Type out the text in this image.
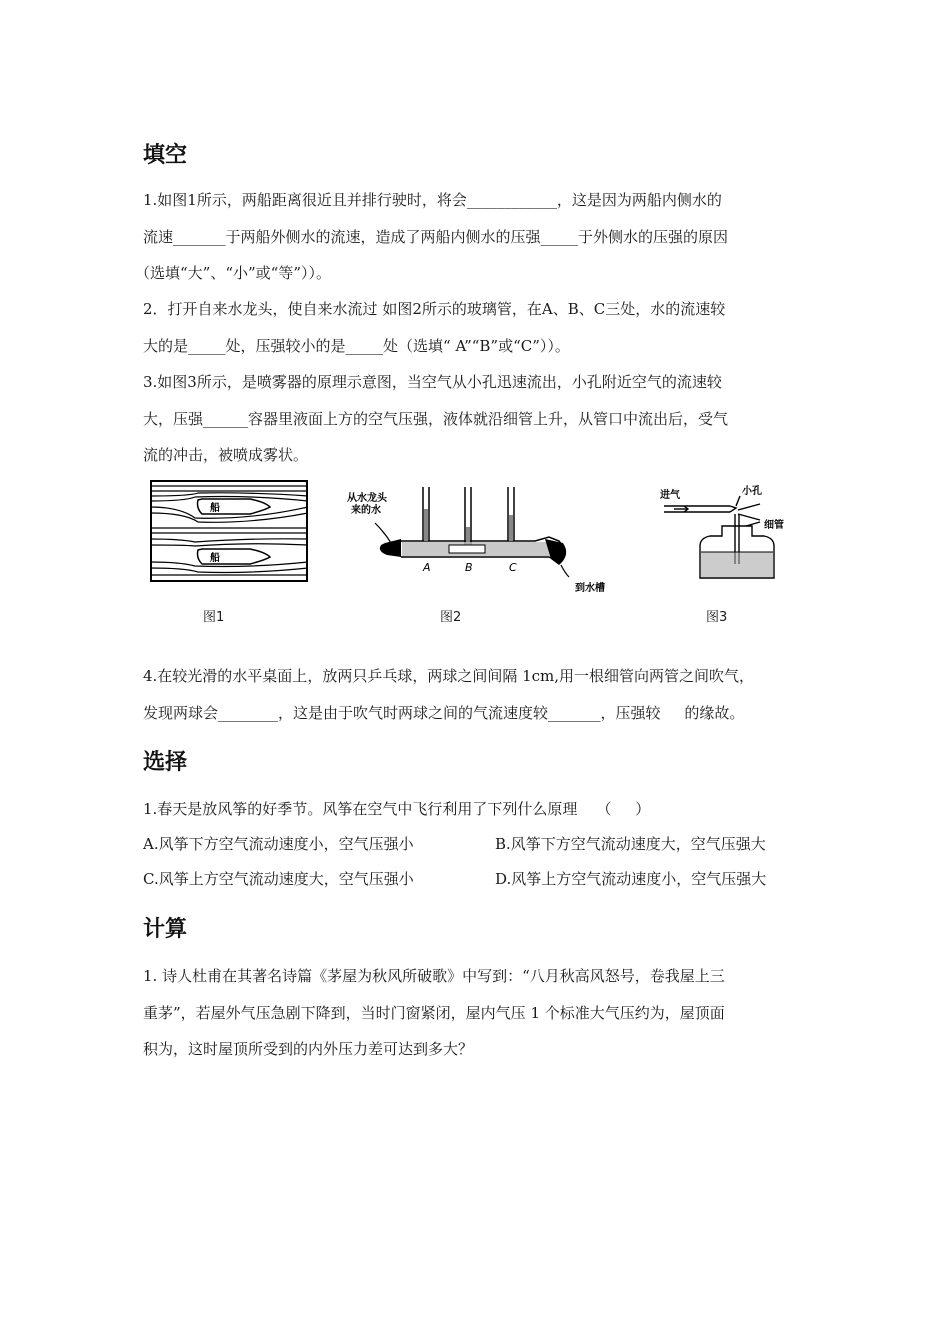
填空
1.如图1所示，两船距离很近且并排行驶时，将会____________，这是因为两船内侧水的
流速_______于两船外侧水的流速，造成了两船内侧水的压强_____于外侧水的压强的原因
（选填“大”、“小”或“等”））。
2．打开自来水龙头，使自来水流过 如图2所示的玻璃管，在A、B、C三处，水的流速较
大的是_____处，压强较小的是_____处（选填“ A”“B”或“C”））。
3.如图3所示，是喷雾器的原理示意图，当空气从小孔迅速流出，小孔附近空气的流速较
大，压强______容器里液面上方的空气压强，液体就沿细管上升，从管口中流出后，受气
流的冲击，被喷成雾状。
船
船
图1
从水龙头
来的水
A	B	C
到水槽
图2
进气	小孔
细管
图3
4.在较光滑的水平桌面上，放两只乒乓球，两球之间间隔 1cm,用一根细管向两管之间吹气，
发现两球会________，这是由于吹气时两球之间的气流速度较_______，压强较     的缘故。
选择
1.春天是放风筝的好季节。风筝在空气中飞行利用了下列什么原理    （     ）
A.风筝下方空气流动速度小，空气压强小	B.风筝下方空气流动速度大，空气压强大
C.风筝上方空气流动速度大，空气压强小	D.风筝上方空气流动速度小，空气压强大
计算
1. 诗人杜甫在其著名诗篇《茅屋为秋风所破歌》中写到：“八月秋高风怒号，卷我屋上三
重茅”，若屋外气压急剧下降到，当时门窗紧闭，屋内气压 1 个标准大气压约为，屋顶面
积为，这时屋顶所受到的内外压力差可达到多大？
